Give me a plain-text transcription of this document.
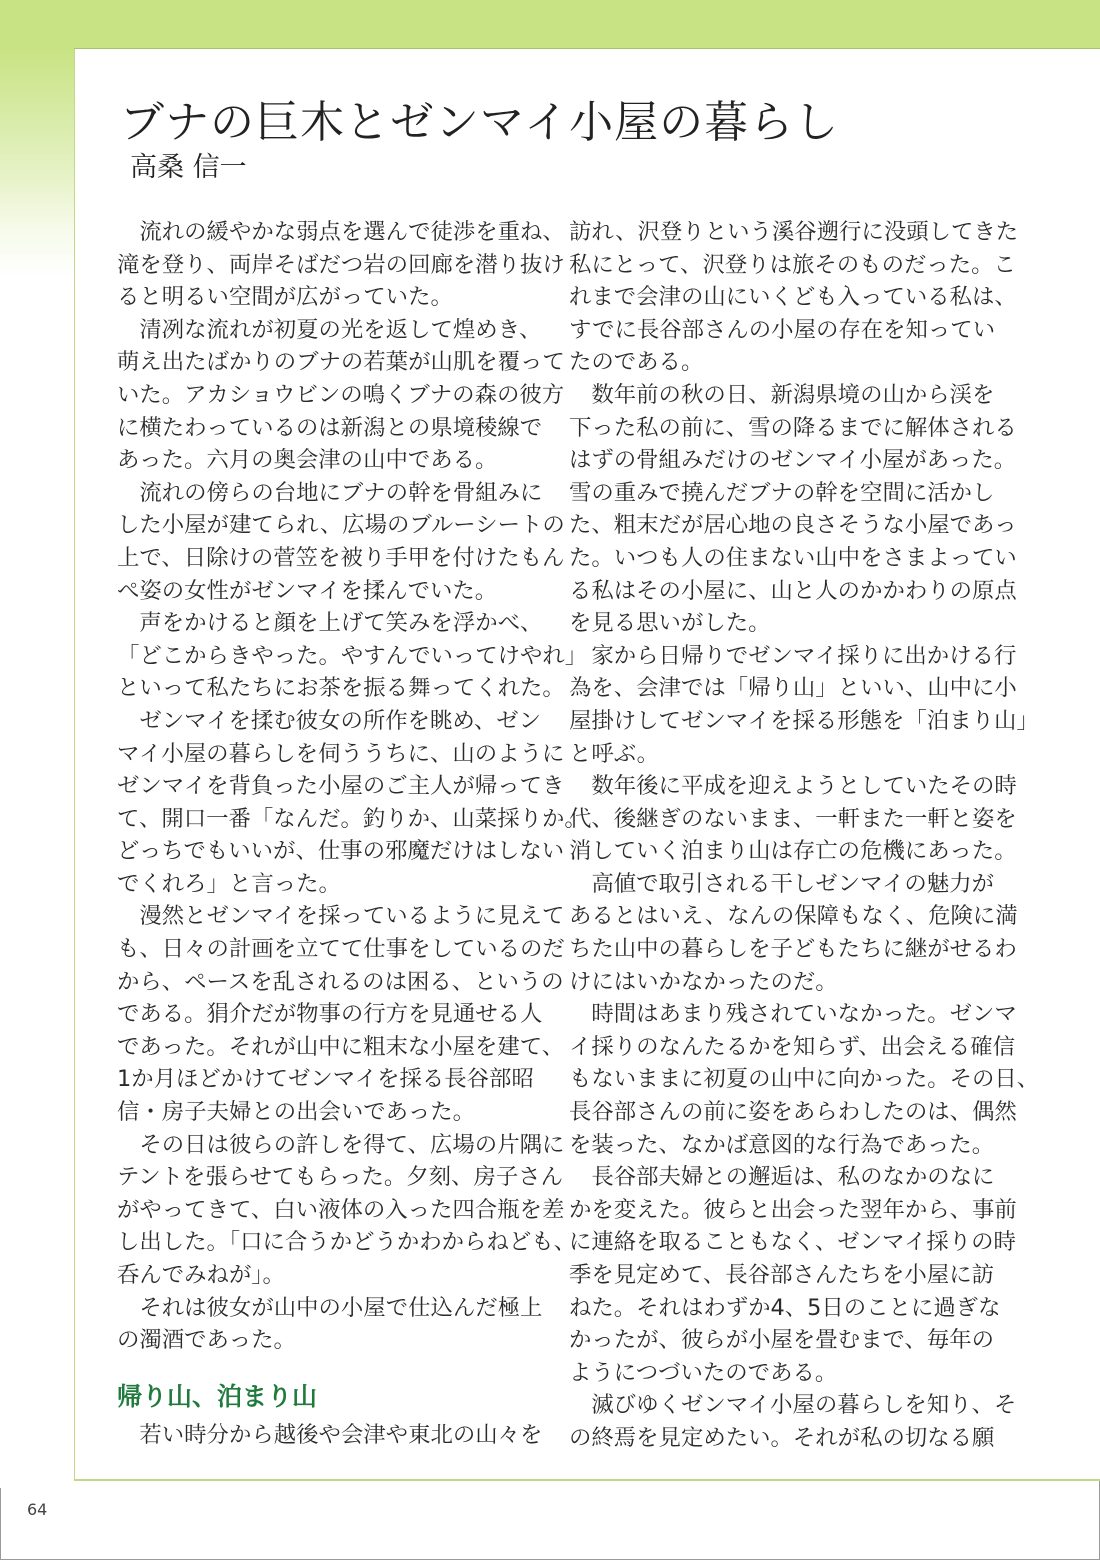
ブナの巨木とゼンマイ小屋の暮らし
高桑 信一
　流れの緩やかな弱点を選んで徒渉を重ね、
滝を登り、両岸そばだつ岩の回廊を潜り抜け
ると明るい空間が広がっていた。
　清冽な流れが初夏の光を返して煌めき、
萌え出たばかりのブナの若葉が山肌を覆って
いた。アカショウビンの鳴くブナの森の彼方
に横たわっているのは新潟との県境稜線で
あった。六月の奥会津の山中である。
　流れの傍らの台地にブナの幹を骨組みに
した小屋が建てられ、広場のブルーシートの
上で、日除けの菅笠を被り手甲を付けたもん
ぺ姿の女性がゼンマイを揉んでいた。
　声をかけると顔を上げて笑みを浮かべ、
「どこからきやった。やすんでいってけやれ」
といって私たちにお茶を振る舞ってくれた。
　ゼンマイを揉む彼女の所作を眺め、ゼン
マイ小屋の暮らしを伺ううちに、山のように
ゼンマイを背負った小屋のご主人が帰ってき
て、開口一番「なんだ。釣りか、山菜採りか。
どっちでもいいが、仕事の邪魔だけはしない
でくれろ」と言った。
　漫然とゼンマイを採っているように見えて
も、日々の計画を立てて仕事をしているのだ
から、ペースを乱されるのは困る、というの
である。狷介だが物事の行方を見通せる人
であった。それが山中に粗末な小屋を建て、
1か月ほどかけてゼンマイを採る長谷部昭
信・房子夫婦との出会いであった。
　その日は彼らの許しを得て、広場の片隅に
テントを張らせてもらった。夕刻、房子さん
がやってきて、白い液体の入った四合瓶を差
し出した。「口に合うかどうかわからねども、
呑んでみねが」。
　それは彼女が山中の小屋で仕込んだ極上
の濁酒であった。
訪れ、沢登りという溪谷遡行に没頭してきた
私にとって、沢登りは旅そのものだった。こ
れまで会津の山にいくども入っている私は、
すでに長谷部さんの小屋の存在を知ってい
たのである。
　数年前の秋の日、新潟県境の山から渓を
下った私の前に、雪の降るまでに解体される
はずの骨組みだけのゼンマイ小屋があった。
雪の重みで撓んだブナの幹を空間に活かし
た、粗末だが居心地の良さそうな小屋であっ
た。いつも人の住まない山中をさまよってい
る私はその小屋に、山と人のかかわりの原点
を見る思いがした。
　家から日帰りでゼンマイ採りに出かける行
為を、会津では「帰り山」といい、山中に小
屋掛けしてゼンマイを採る形態を「泊まり山」
と呼ぶ。
　数年後に平成を迎えようとしていたその時
代、後継ぎのないまま、一軒また一軒と姿を
消していく泊まり山は存亡の危機にあった。
　高値で取引される干しゼンマイの魅力が
あるとはいえ、なんの保障もなく、危険に満
ちた山中の暮らしを子どもたちに継がせるわ
けにはいかなかったのだ。
　時間はあまり残されていなかった。ゼンマ
イ採りのなんたるかを知らず、出会える確信
もないままに初夏の山中に向かった。その日、
長谷部さんの前に姿をあらわしたのは、偶然
を装った、なかば意図的な行為であった。
　長谷部夫婦との邂逅は、私のなかのなに
かを変えた。彼らと出会った翌年から、事前
に連絡を取ることもなく、ゼンマイ採りの時
季を見定めて、長谷部さんたちを小屋に訪
ねた。それはわずか4、5日のことに過ぎな
かったが、彼らが小屋を畳むまで、毎年の
ようにつづいたのである。
　滅びゆくゼンマイ小屋の暮らしを知り、そ
の終焉を見定めたい。それが私の切なる願
帰り山、泊まり山
　若い時分から越後や会津や東北の山々を
64
